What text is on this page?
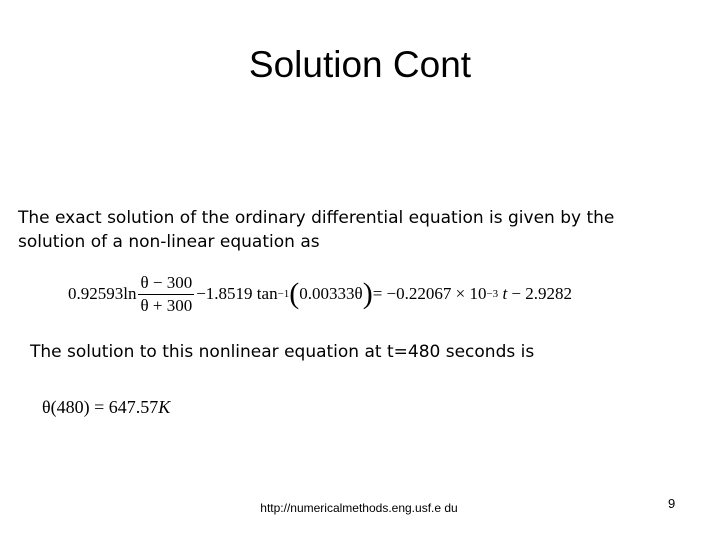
Solution Cont
The exact solution of the ordinary differential equation is given by the
solution of a non-linear equation as
$0.92593\ln \frac{\theta - 300}{\theta + 300} -1.8519$ tan −1 ( 0.00333θ ) = −0.22067 × 10 −3
t
− 2.9282
The solution to this nonlinear equation at t=480 seconds is
θ(480) = 647.57K
http://numericalmethods.eng.usf.e du	9
